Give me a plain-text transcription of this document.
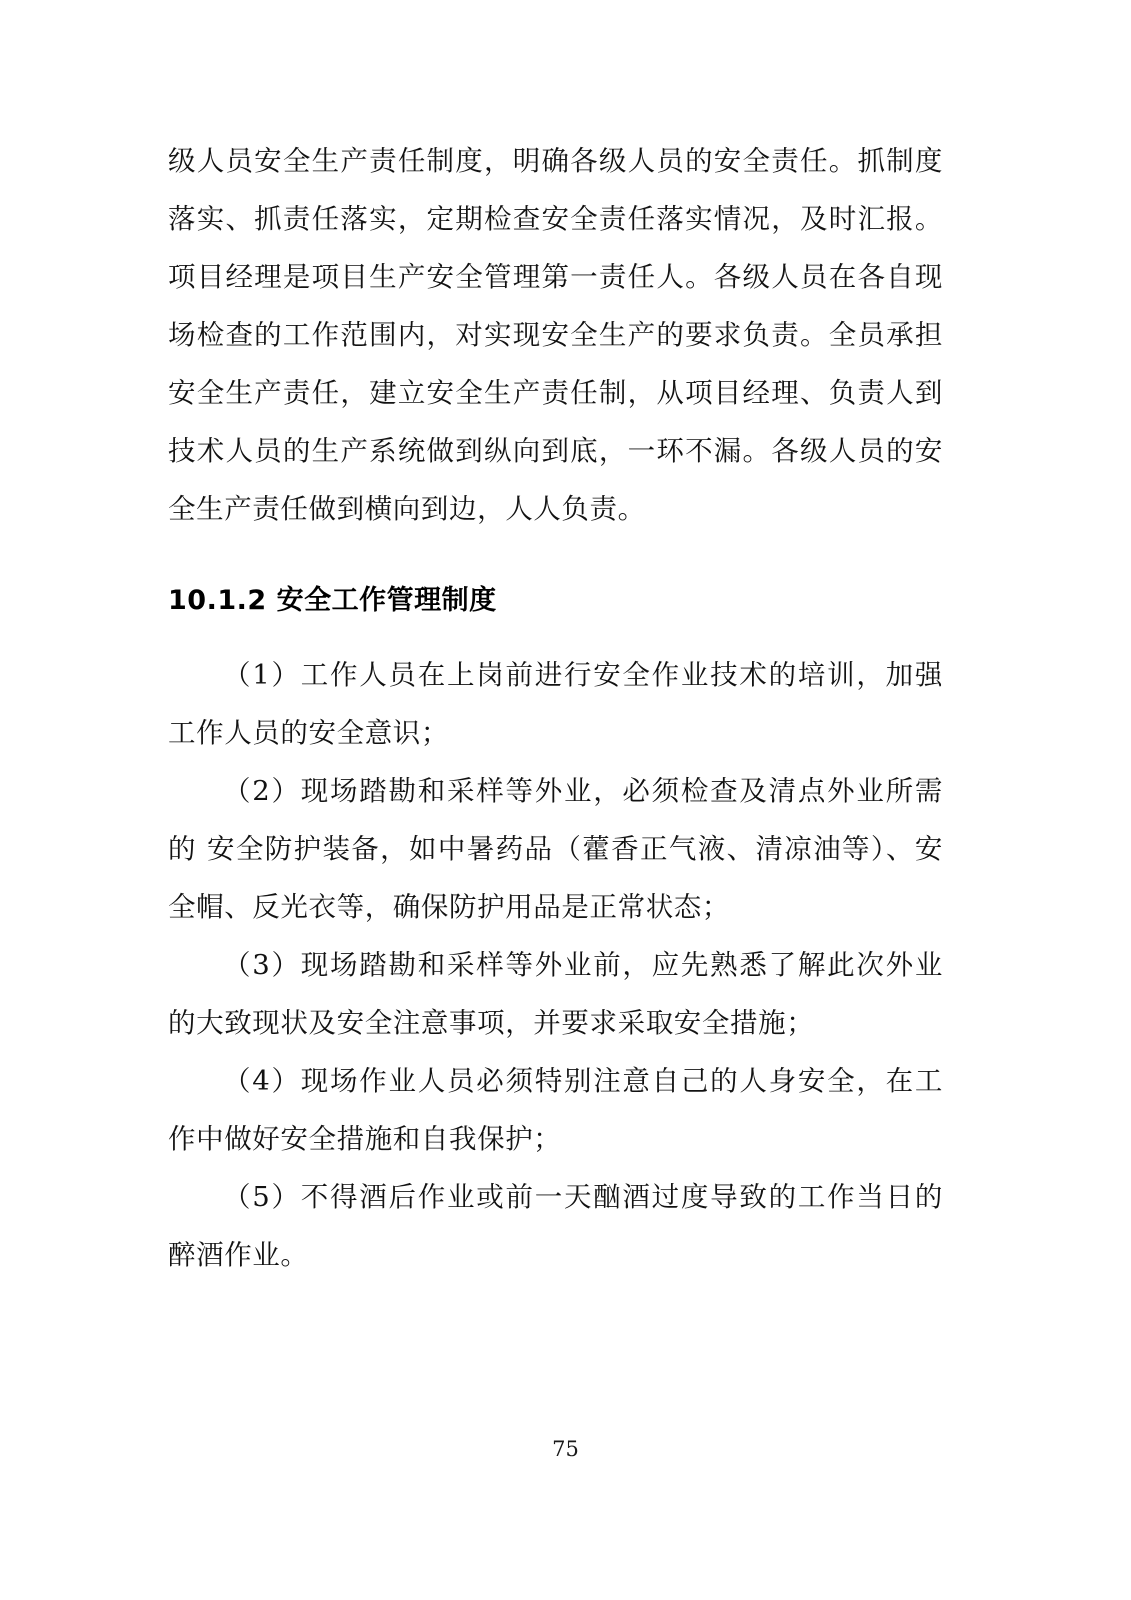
级人员安全生产责任制度，明确各级人员的安全责任。抓制度落实、抓责任落实，定期检查安全责任落实情况，及时汇报。项目经理是项目生产安全管理第一责任人。各级人员在各自现场检查的工作范围内，对实现安全生产的要求负责。全员承担安全生产责任，建立安全生产责任制，从项目经理、负责人到技术人员的生产系统做到纵向到底，一环不漏。各级人员的安全生产责任做到横向到边，人人负责。

10.1.2 安全工作管理制度

（1）工作人员在上岗前进行安全作业技术的培训，加强工作人员的安全意识；

（2）现场踏勘和采样等外业，必须检查及清点外业所需的 安全防护装备，如中暑药品（藿香正气液、清凉油等）、安全帽、反光衣等，确保防护用品是正常状态；

（3）现场踏勘和采样等外业前，应先熟悉了解此次外业的大致现状及安全注意事项，并要求采取安全措施；

（4）现场作业人员必须特别注意自己的人身安全，在工作中做好安全措施和自我保护；

（5）不得酒后作业或前一天酗酒过度导致的工作当日的醉酒作业。

75
